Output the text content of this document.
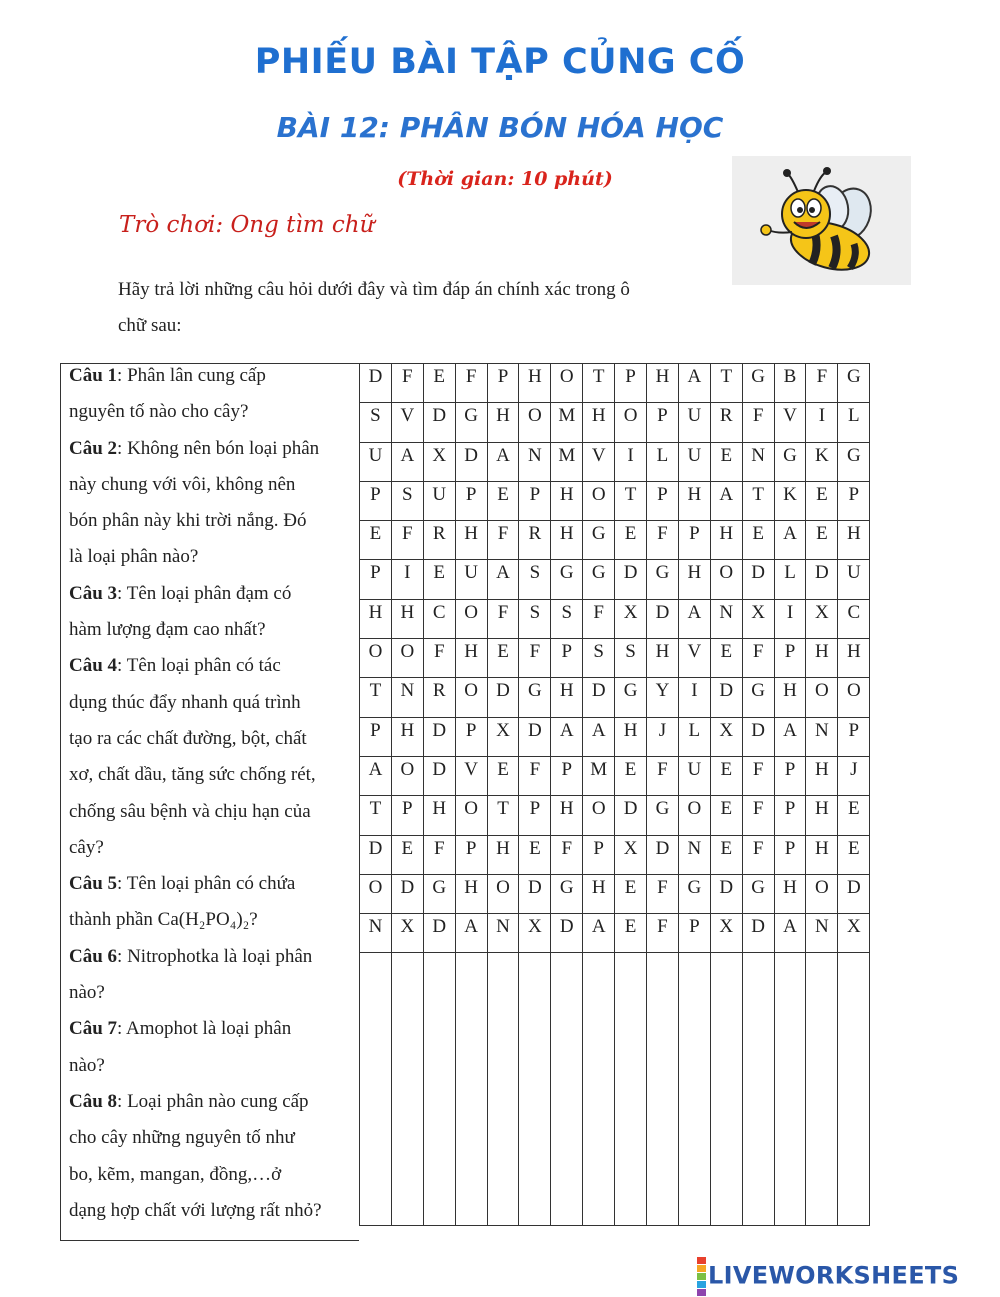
PHIẾU BÀI TẬP CỦNG CỐ
BÀI 12: PHÂN BÓN HÓA HỌC
(Thời gian: 10 phút)
Trò chơi: Ong tìm chữ
Hãy trả lời những câu hỏi dưới đây và tìm đáp án chính xác trong ô
chữ sau:
Câu 1: Phân lân cung cấp
nguyên tố nào cho cây?
Câu 2: Không nên bón loại phân
này chung với vôi, không nên
bón phân này khi trời nắng. Đó
là loại phân nào?
Câu 3: Tên loại phân đạm có
hàm lượng đạm cao nhất?
Câu 4: Tên loại phân có tác
dụng thúc đẩy nhanh quá trình
tạo ra các chất đường, bột, chất
xơ, chất dầu, tăng sức chống rét,
chống sâu bệnh và chịu hạn của
cây?
Câu 5: Tên loại phân có chứa
thành phần Ca(H₂PO₄)₂?
Câu 6: Nitrophotka là loại phân
nào?
Câu 7: Amophot là loại phân
nào?
Câu 8: Loại phân nào cung cấp
cho cây những nguyên tố như
bo, kẽm, mangan, đồng,…ở
dạng hợp chất với lượng rất nhỏ?
D	F	E	F	P	H	O	T	P	H	A	T	G	B	F	G
S	V	D	G	H	O	M	H	O	P	U	R	F	V	I	L
U	A	X	D	A	N	M	V	I	L	U	E	N	G	K	G
P	S	U	P	E	P	H	O	T	P	H	A	T	K	E	P
E	F	R	H	F	R	H	G	E	F	P	H	E	A	E	H
P	I	E	U	A	S	G	G	D	G	H	O	D	L	D	U
H	H	C	O	F	S	S	F	X	D	A	N	X	I	X	C
O	O	F	H	E	F	P	S	S	H	V	E	F	P	H	H
T	N	R	O	D	G	H	D	G	Y	I	D	G	H	O	O
P	H	D	P	X	D	A	A	H	J	L	X	D	A	N	P
A	O	D	V	E	F	P	M	E	F	U	E	F	P	H	J
T	P	H	O	T	P	H	O	D	G	O	E	F	P	H	E
D	E	F	P	H	E	F	P	X	D	N	E	F	P	H	E
O	D	G	H	O	D	G	H	E	F	G	D	G	H	O	D
N	X	D	A	N	X	D	A	E	F	P	X	D	A	N	X

LIVEWORKSHEETS
